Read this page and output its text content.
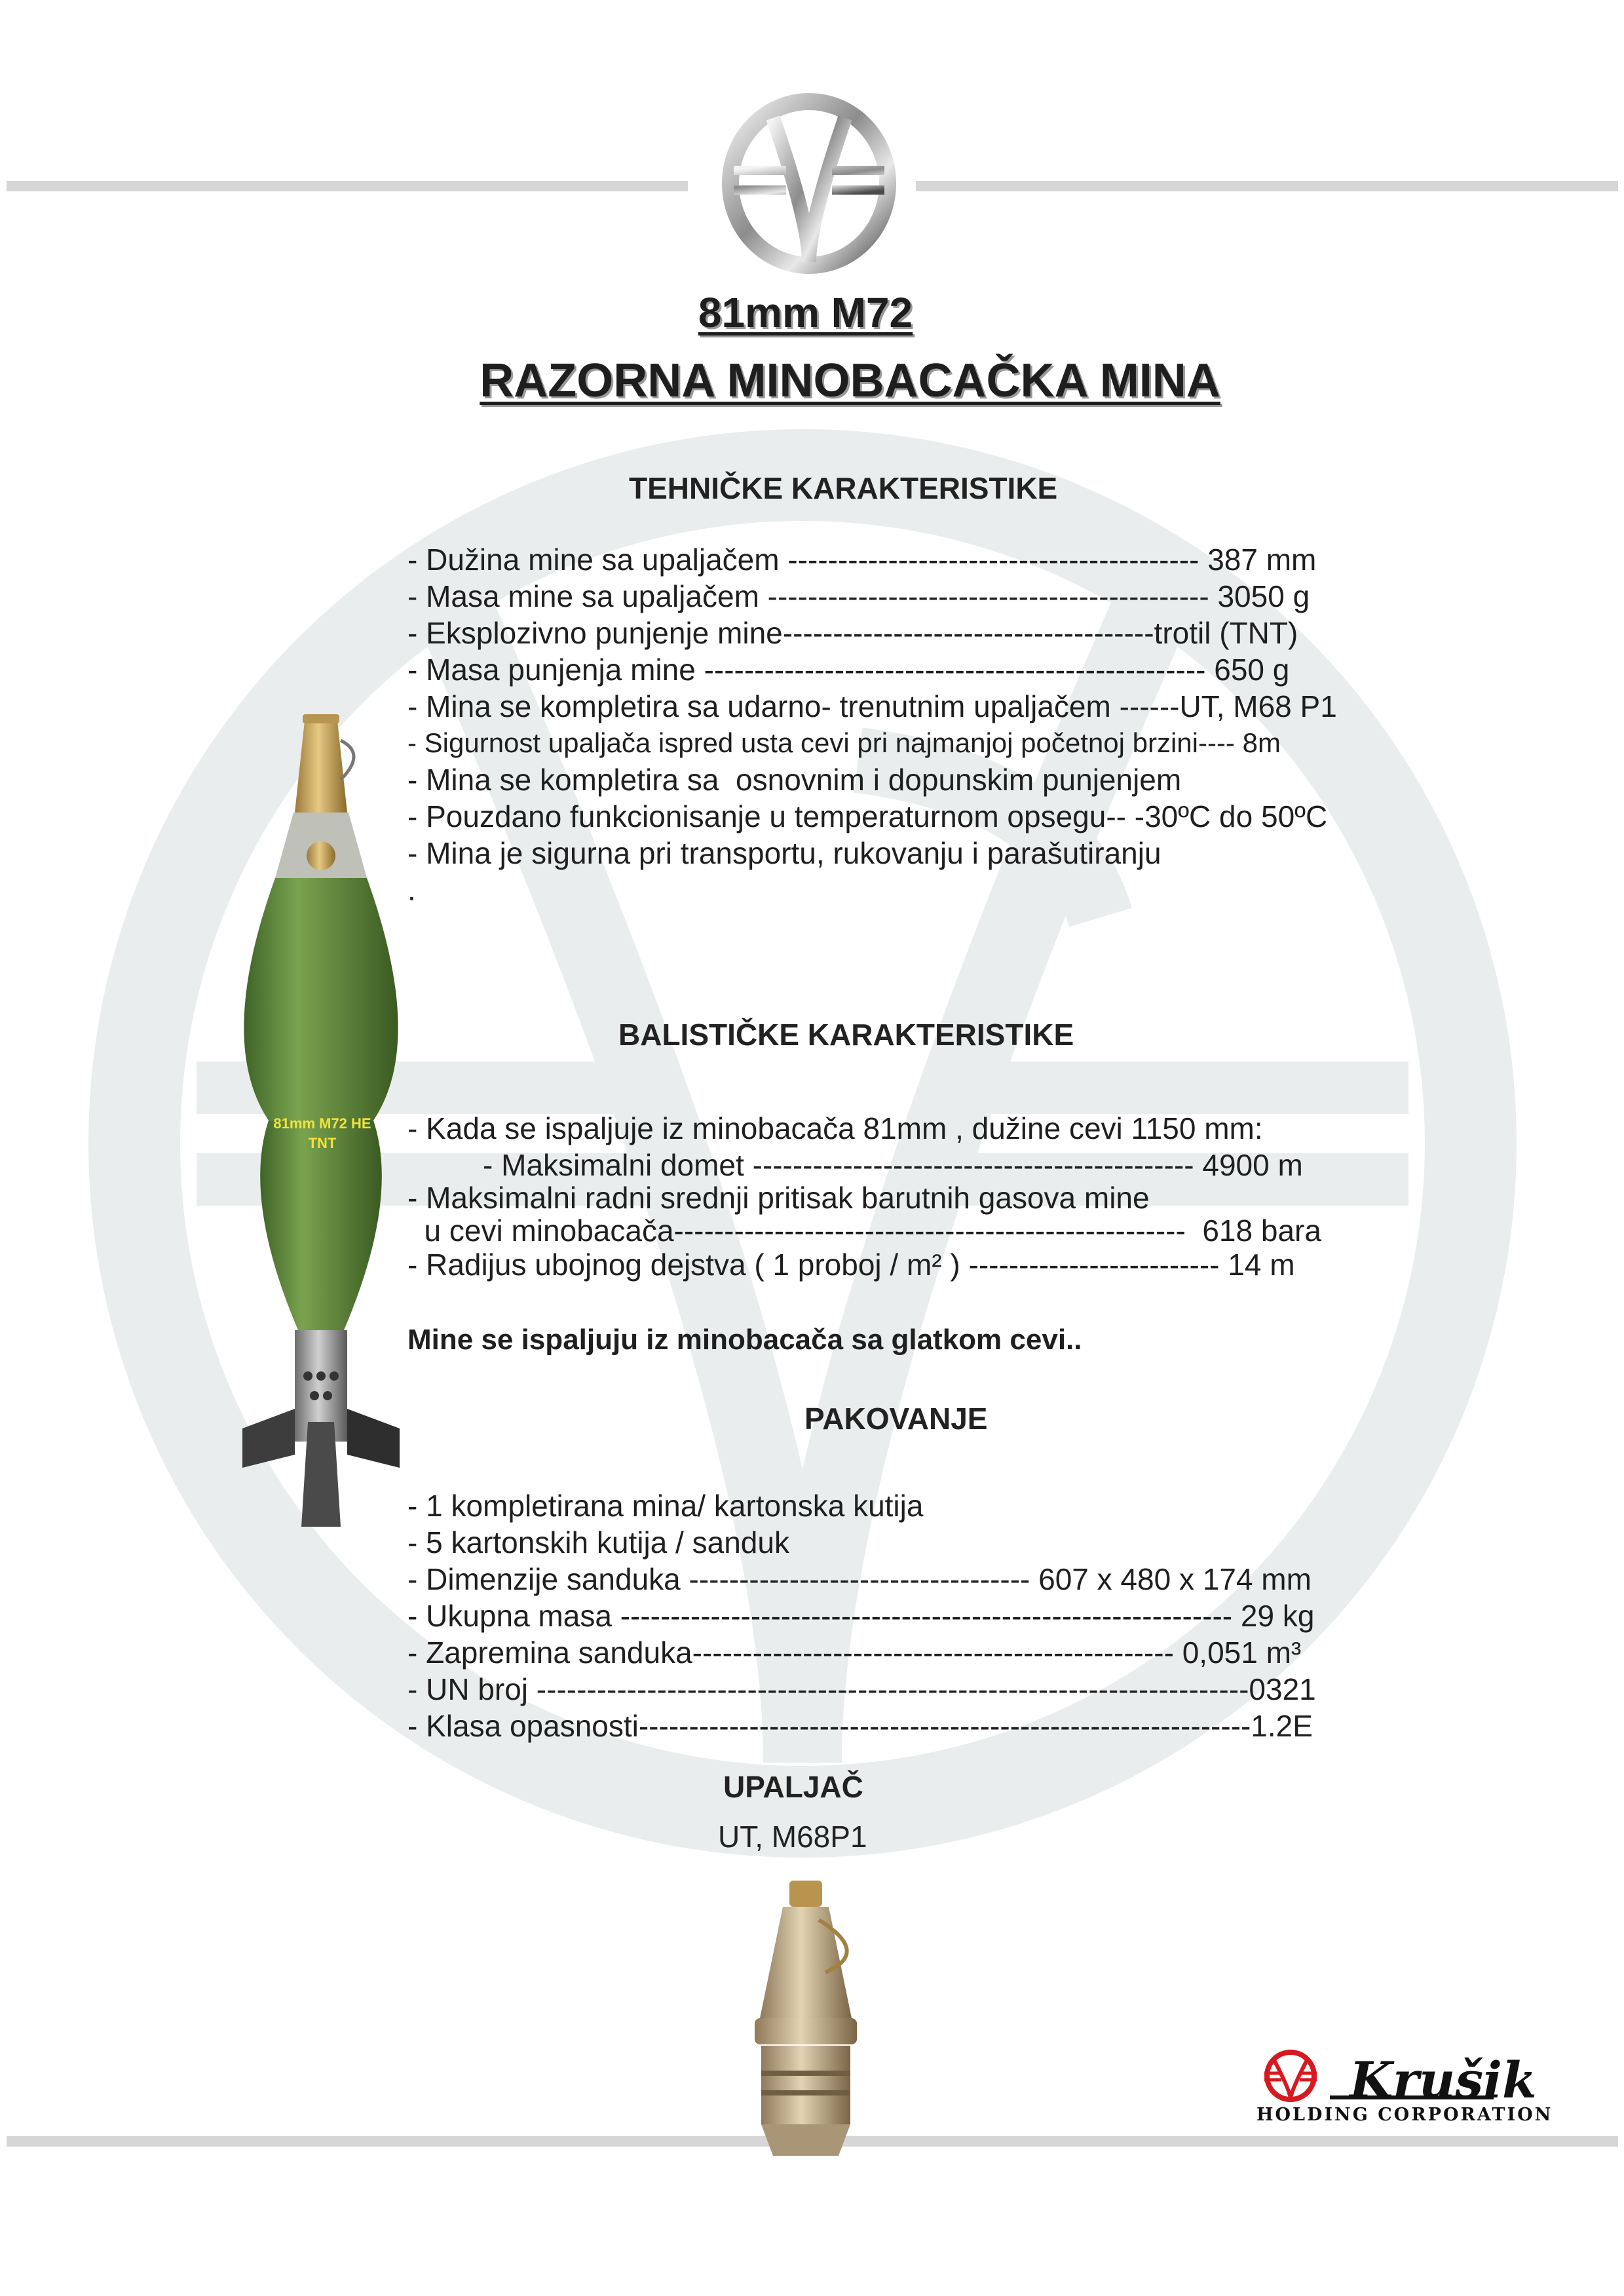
81mm M72
RAZORNA MINOBACAČKA MINA
TEHNIČKE KARAKTERISTIKE
- Dužina mine sa upaljačem ----------------------------------------- 387 mm
- Masa mine sa upaljačem -------------------------------------------- 3050 g
- Eksplozivno punjenje mine-------------------------------------trotil (TNT)
- Masa punjenja mine -------------------------------------------------- 650 g
- Mina se kompletira sa udarno- trenutnim upaljačem ------UT, M68 P1
- Sigurnost upaljača ispred usta cevi pri najmanjoj početnoj brzini---- 8m
- Mina se kompletira sa  osnovnim i dopunskim punjenjem
- Pouzdano funkcionisanje u temperaturnom opsegu-- -30ºC do 50ºC
- Mina je sigurna pri transportu, rukovanju i parašutiranju
.
BALISTIČKE KARAKTERISTIKE
- Kada se ispaljuje iz minobacača 81mm , dužine cevi 1150 mm:
- Maksimalni domet -------------------------------------------- 4900 m
- Maksimalni radni srednji pritisak barutnih gasova mine
u cevi minobacača---------------------------------------------------  618 bara
- Radijus ubojnog dejstva ( 1 proboj / m² ) ------------------------- 14 m
Mine se ispaljuju iz minobacača sa glatkom cevi..
PAKOVANJE
- 1 kompletirana mina/ kartonska kutija
- 5 kartonskih kutija / sanduk
- Dimenzije sanduka ---------------------------------- 607 x 480 x 174 mm
- Ukupna masa ------------------------------------------------------------- 29 kg
- Zapremina sanduka------------------------------------------------ 0,051 m³
- UN broj -----------------------------------------------------------------------0321
- Klasa opasnosti-------------------------------------------------------------1.2E
UPALJAČ
UT, M68P1
81mm M72 HE
TNT
Krušik
HOLDING CORPORATION
